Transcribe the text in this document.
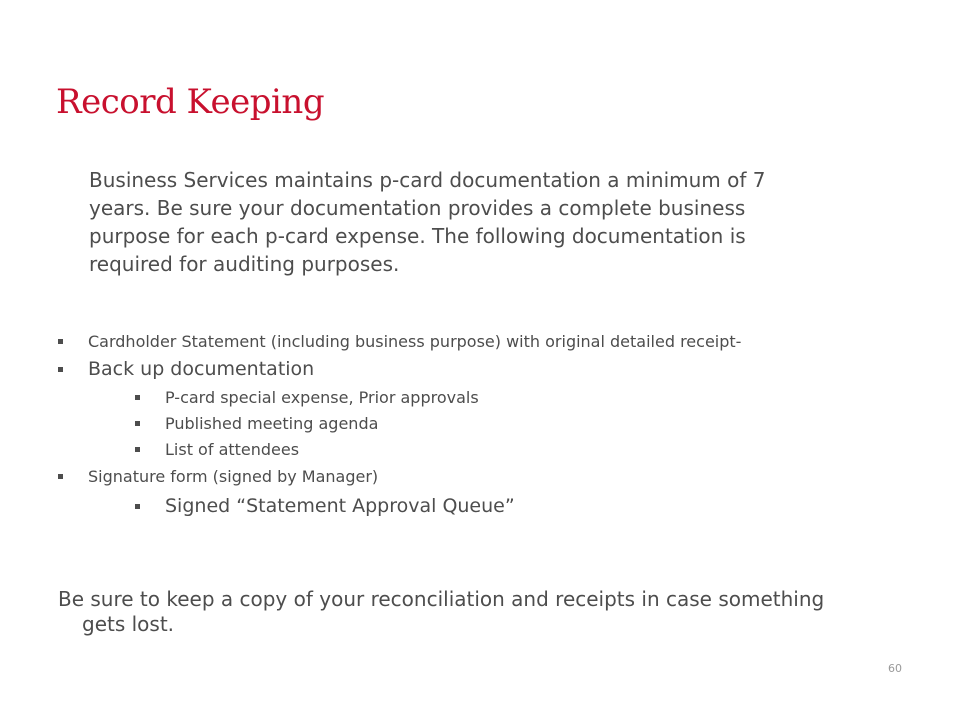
Record Keeping

Business Services maintains p-card documentation a minimum of 7 years. Be sure your documentation provides a complete business purpose for each p-card expense. The following documentation is required for auditing purposes.

Cardholder Statement (including business purpose) with original detailed receipt-
Back up documentation
P-card special expense, Prior approvals
Published meeting agenda
List of attendees
Signature form (signed by Manager)
Signed “Statement Approval Queue”

Be sure to keep a copy of your reconciliation and receipts in case something gets lost.

60
